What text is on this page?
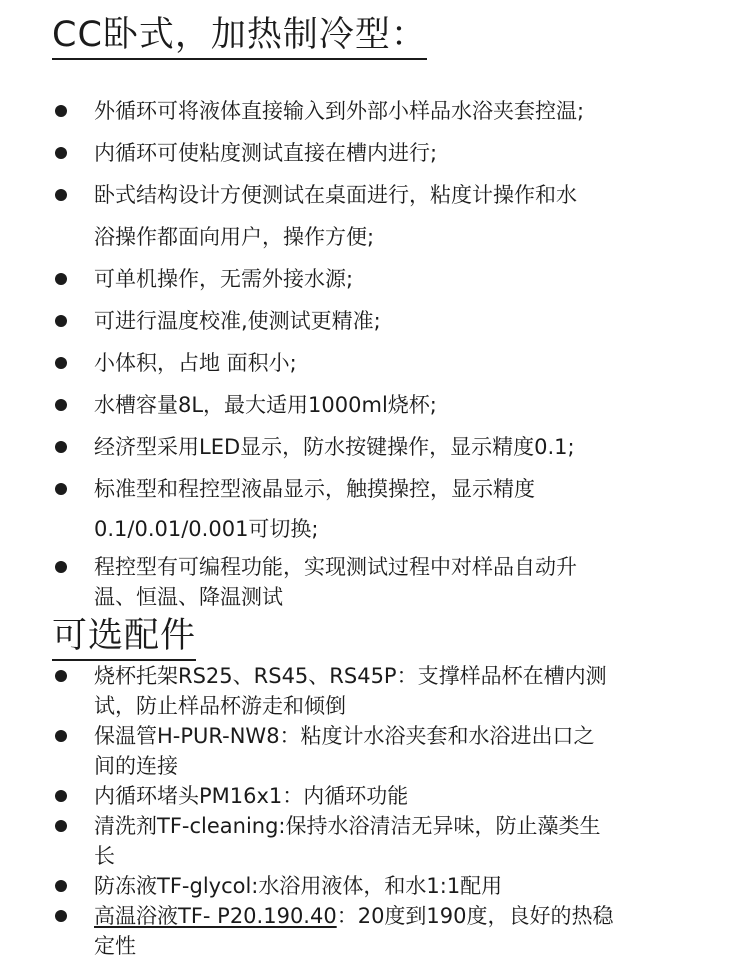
CC卧式，加热制冷型：
外循环可将液体直接输入到外部小样品水浴夹套控温;
内循环可使粘度测试直接在槽内进行;
卧式结构设计方便测试在桌面进行，粘度计操作和水
浴操作都面向用户，操作方便;
可单机操作，无需外接水源;
可进行温度校准,使测试更精准;
小体积，占地 面积小;
水槽容量8L，最大适用1000ml烧杯;
经济型采用LED显示，防水按键操作，显示精度0.1;
标准型和程控型液晶显示，触摸操控，显示精度
0.1/0.01/0.001可切换;
程控型有可编程功能，实现测试过程中对样品自动升
温、恒温、降温测试
可选配件
烧杯托架RS25、RS45、RS45P：支撑样品杯在槽内测
试，防止样品杯游走和倾倒
保温管H-PUR-NW8：粘度计水浴夹套和水浴进出口之
间的连接
内循环堵头PM16x1：内循环功能
清洗剂TF-cleaning:保持水浴清洁无异味，防止藻类生
长
防冻液TF-glycol:水浴用液体，和水1:1配用
高温浴液TF- P20.190.40：20度到190度，良好的热稳
定性
